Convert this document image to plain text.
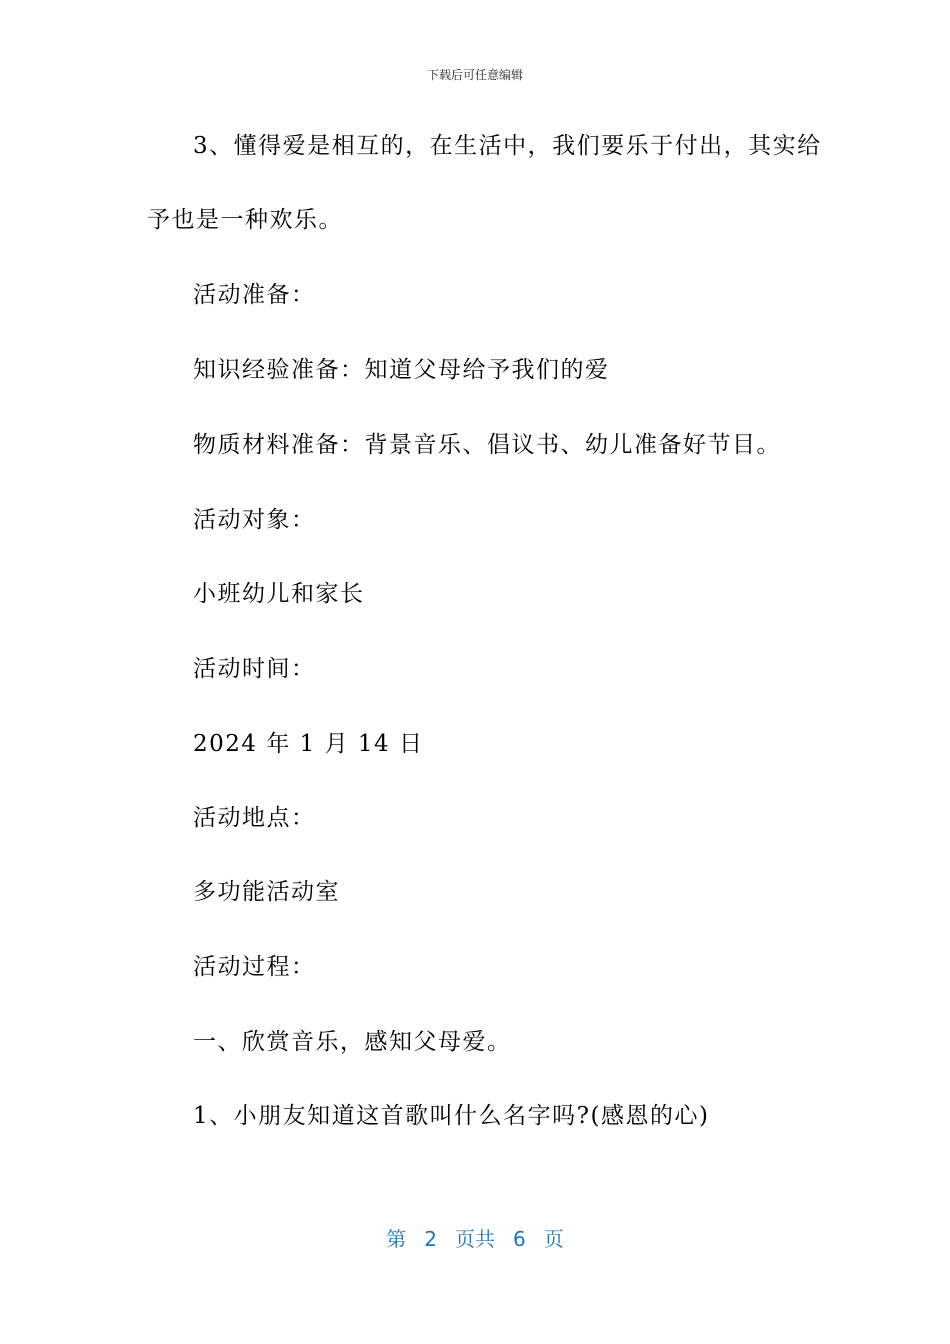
下载后可任意编辑
3、懂得爱是相互的，在生活中，我们要乐于付出，其实给
予也是一种欢乐。
活动准备：
知识经验准备：知道父母给予我们的爱
物质材料准备：背景音乐、倡议书、幼儿准备好节目。
活动对象：
小班幼儿和家长
活动时间：
2024 年 1 月 14 日
活动地点：
多功能活动室
活动过程：
一、欣赏音乐，感知父母爱。
1、小朋友知道这首歌叫什么名字吗?(感恩的心)
第 2 页共 6 页
